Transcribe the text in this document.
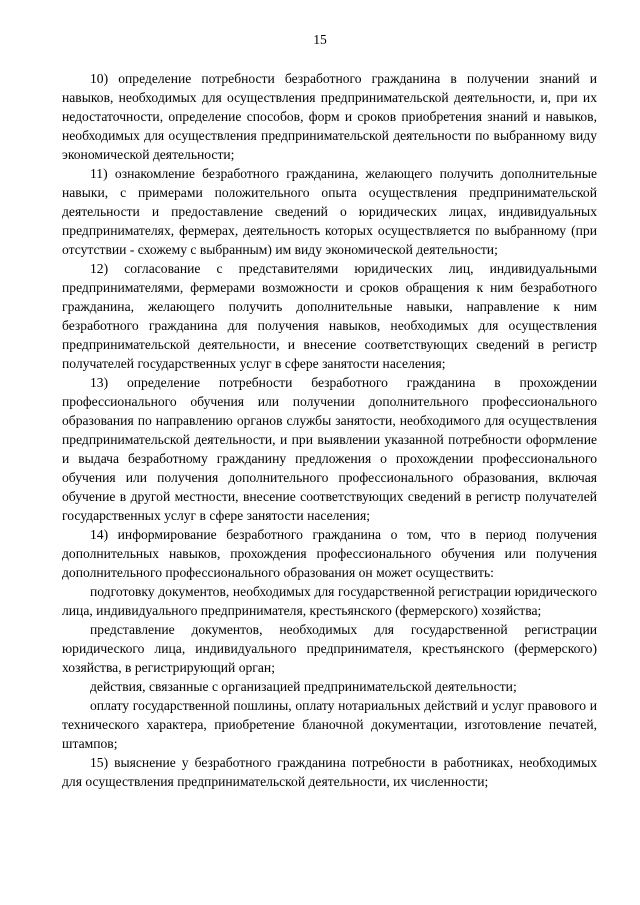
15

10) определение потребности безработного гражданина в получении знаний и навыков, необходимых для осуществления предпринимательской деятельности, и, при их недостаточности, определение способов, форм и сроков приобретения знаний и навыков, необходимых для осуществления предпринимательской деятельности по выбранному виду экономической деятельности;

11) ознакомление безработного гражданина, желающего получить дополнительные навыки, с примерами положительного опыта осуществления предпринимательской деятельности и предоставление сведений о юридических лицах, индивидуальных предпринимателях, фермерах, деятельность которых осуществляется по выбранному (при отсутствии - схожему с выбранным) им виду экономической деятельности;

12) согласование с представителями юридических лиц, индивидуальными предпринимателями, фермерами возможности и сроков обращения к ним безработного гражданина, желающего получить дополнительные навыки, направление к ним безработного гражданина для получения навыков, необходимых для осуществления предпринимательской деятельности, и внесение соответствующих сведений в регистр получателей государственных услуг в сфере занятости населения;

13) определение потребности безработного гражданина в прохождении профессионального обучения или получении дополнительного профессионального образования по направлению органов службы занятости, необходимого для осуществления предпринимательской деятельности, и при выявлении указанной потребности оформление и выдача безработному гражданину предложения о прохождении профессионального обучения или получения дополнительного профессионального образования, включая обучение в другой местности, внесение соответствующих сведений в регистр получателей государственных услуг в сфере занятости населения;

14) информирование безработного гражданина о том, что в период получения дополнительных навыков, прохождения профессионального обучения или получения дополнительного профессионального образования он может осуществить:

подготовку документов, необходимых для государственной регистрации юридического лица, индивидуального предпринимателя, крестьянского (фермерского) хозяйства;

представление документов, необходимых для государственной регистрации юридического лица, индивидуального предпринимателя, крестьянского (фермерского) хозяйства, в регистрирующий орган;

действия, связанные с организацией предпринимательской деятельности;

оплату государственной пошлины, оплату нотариальных действий и услуг правового и технического характера, приобретение бланочной документации, изготовление печатей, штампов;

15) выяснение у безработного гражданина потребности в работниках, необходимых для осуществления предпринимательской деятельности, их численности;
